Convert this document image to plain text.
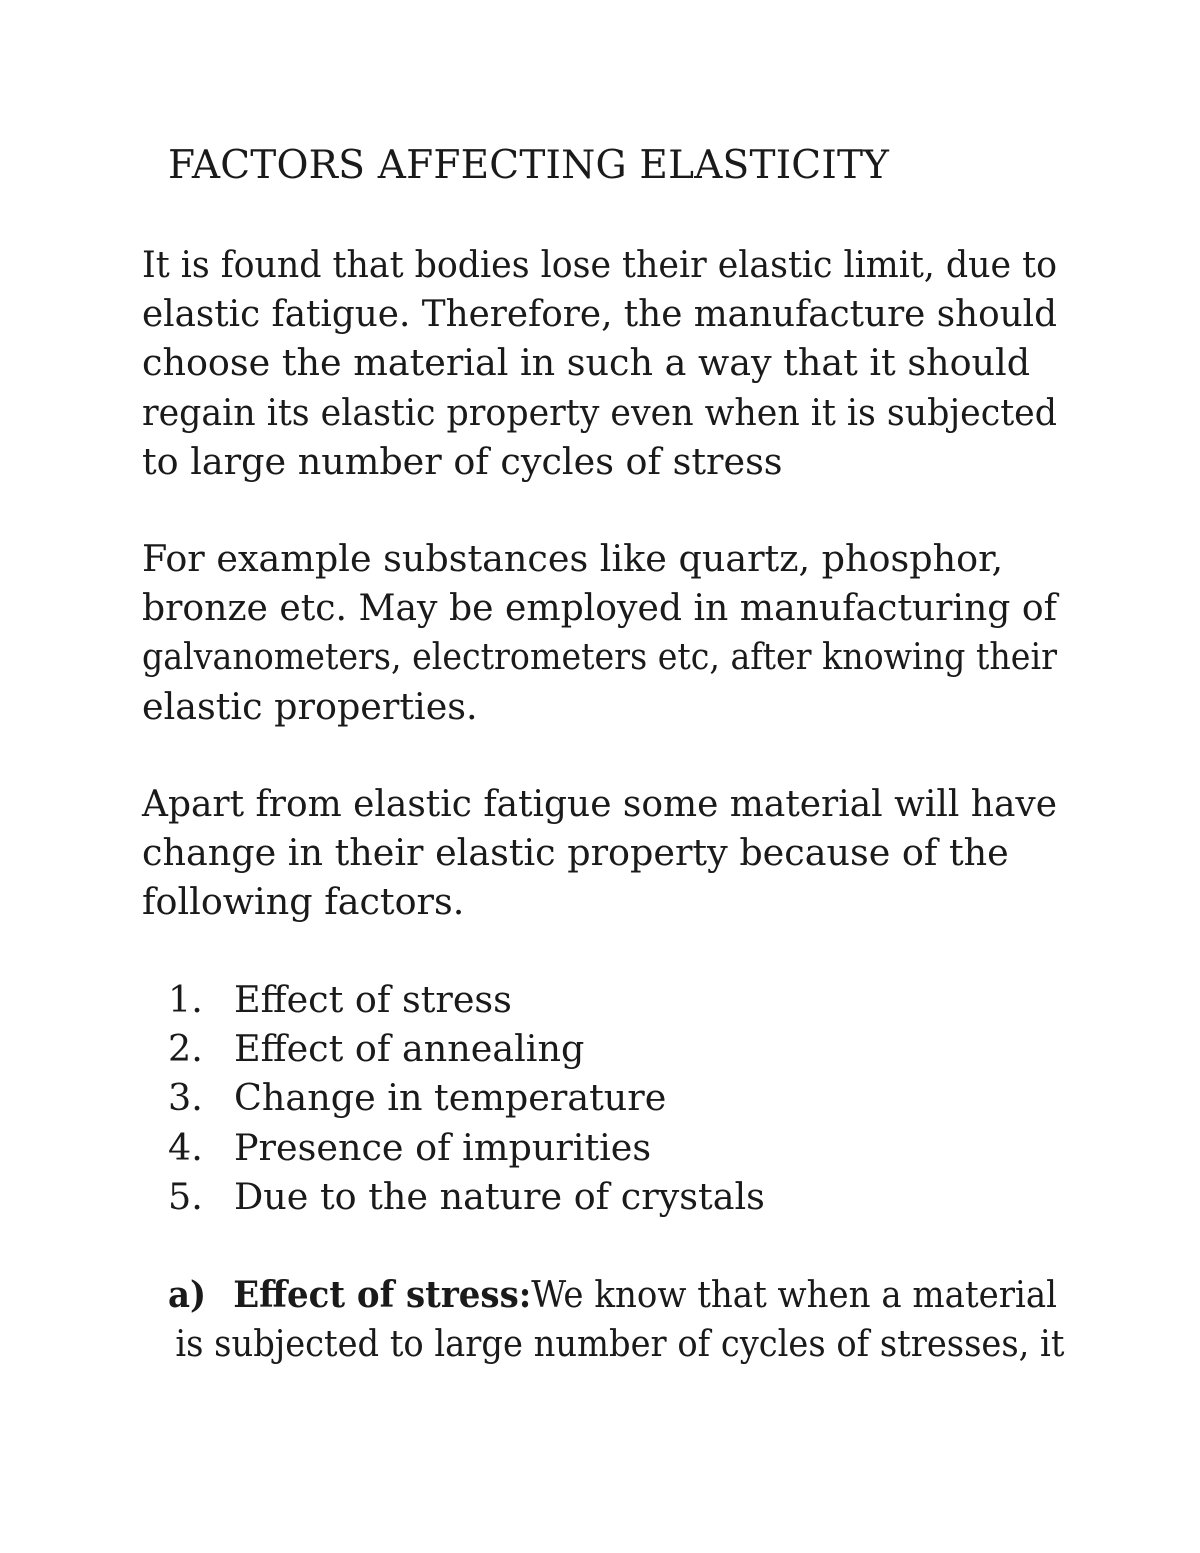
FACTORS AFFECTING ELASTICITY

It is found that bodies lose their elastic limit, due to
elastic fatigue. Therefore, the manufacture should
choose the material in such a way that it should
regain its elastic property even when it is subjected
to large number of cycles of stress

For example substances like quartz, phosphor,
bronze etc. May be employed in manufacturing of
galvanometers, electrometers etc, after knowing their
elastic properties.

Apart from elastic fatigue some material will have
change in their elastic property because of the
following factors.

1. Effect of stress
2. Effect of annealing
3. Change in temperature
4. Presence of impurities
5. Due to the nature of crystals
a) Effect of stress:We know that when a material
is subjected to large number of cycles of stresses, it
